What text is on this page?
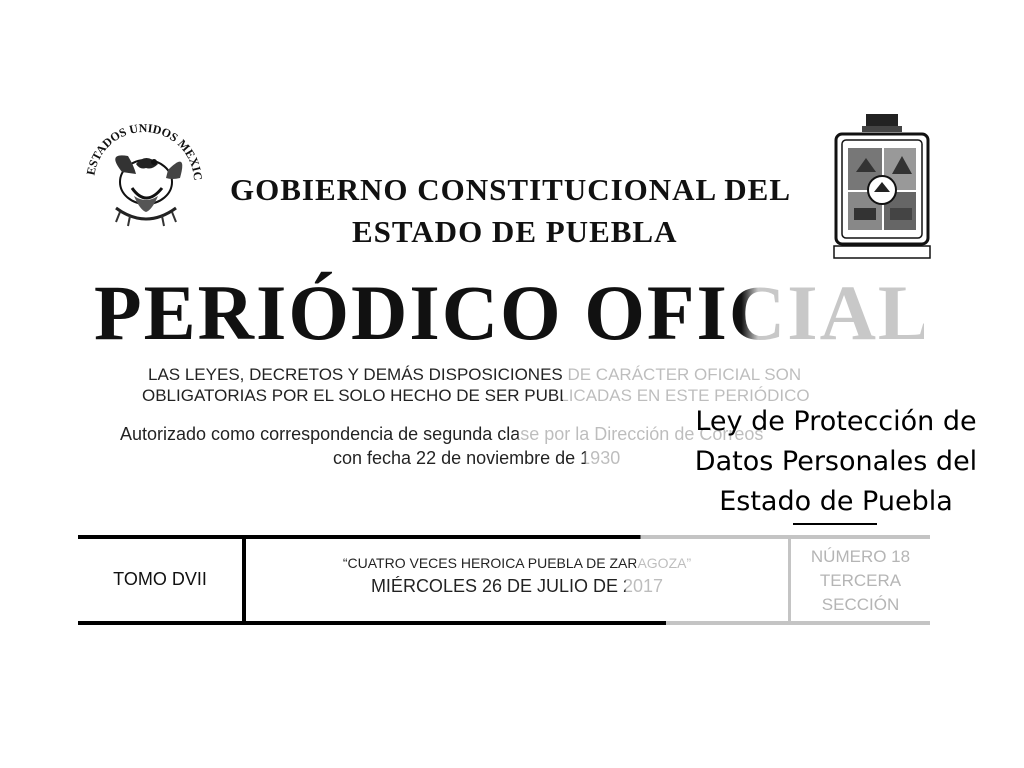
ESTADOS UNIDOS MEXIC GOBIERNO CONSTITUCIONAL DEL
ESTADO DE PUEBLA
PERIÓDICO OFICIAL
LAS LEYES, DECRETOS Y DEMÁS DISPOSICIONES DE CARÁCTER OFICIAL SON
OBLIGATORIAS POR EL SOLO HECHO DE SER PUBLICADAS EN ESTE PERIÓDICO
Autorizado como correspondencia de segunda clase por la Dirección de Correos
con fecha 22 de noviembre de 1930
Ley de Protección de
Datos Personales del
Estado de Puebla
TOMO DVII
“CUATRO VECES HEROICA PUEBLA DE ZARAGOZA”
MIÉRCOLES 26 DE JULIO DE 2017
NÚMERO 18
TERCERA
SECCIÓN
